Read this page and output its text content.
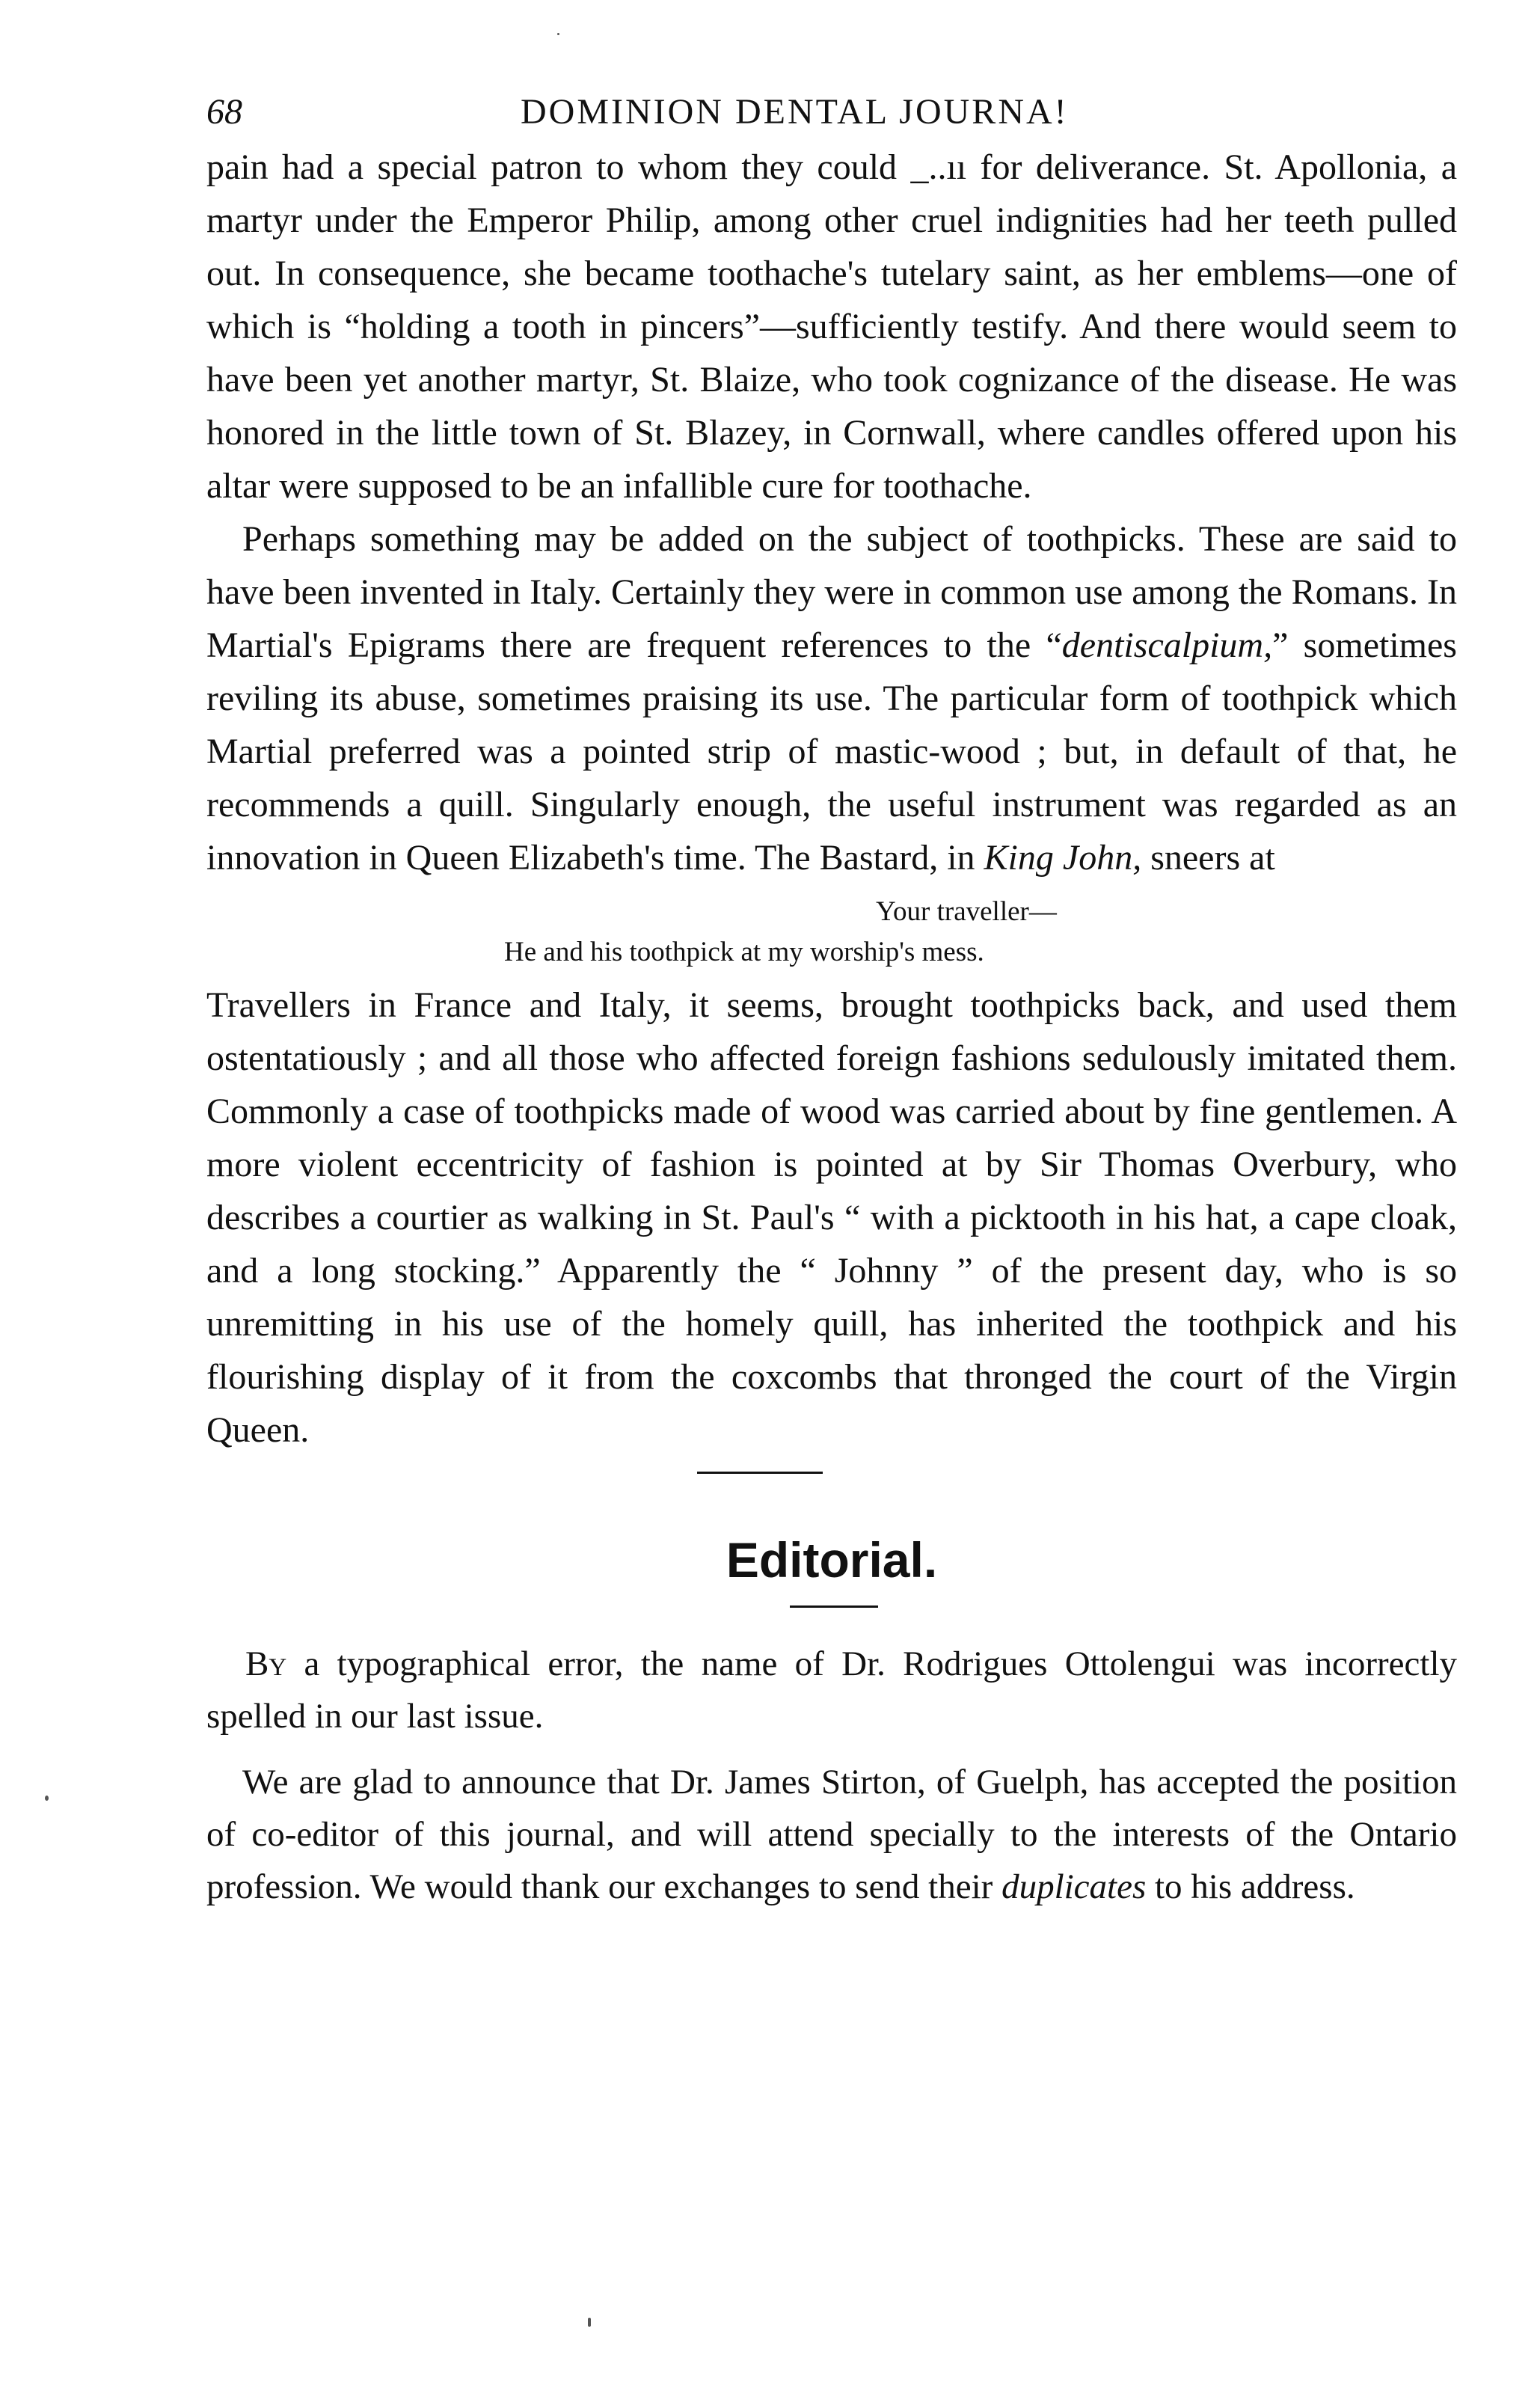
68	DOMINION DENTAL JOURNA!

pain had a special patron to whom they could _..ıı for deliverance. St. Apollonia, a martyr under the Emperor Philip, among other cruel indignities had her teeth pulled out. In consequence, she became toothache's tutelary saint, as her emblems—one of which is “holding a tooth in pincers”—sufficiently testify. And there would seem to have been yet another martyr, St. Blaize, who took cognizance of the disease. He was honored in the little town of St. Blazey, in Cornwall, where candles offered upon his altar were supposed to be an infallible cure for toothache.

Perhaps something may be added on the subject of toothpicks. These are said to have been invented in Italy. Certainly they were in common use among the Romans. In Martial's Epigrams there are frequent references to the “dentiscalpium,” sometimes reviling its abuse, sometimes praising its use. The particular form of toothpick which Martial preferred was a pointed strip of mastic-wood ; but, in default of that, he recommends a quill. Singularly enough, the useful instrument was regarded as an innovation in Queen Elizabeth's time. The Bastard, in King John, sneers at

Your traveller—
He and his toothpick at my worship's mess.

Travellers in France and Italy, it seems, brought toothpicks back, and used them ostentatiously ; and all those who affected foreign fashions sedulously imitated them. Commonly a case of toothpicks made of wood was carried about by fine gentlemen. A more violent eccentricity of fashion is pointed at by Sir Thomas Overbury, who describes a courtier as walking in St. Paul's “ with a picktooth in his hat, a cape cloak, and a long stocking.” Apparently the “ Johnny ” of the present day, who is so unremitting in his use of the homely quill, has inherited the toothpick and his flourishing display of it from the coxcombs that thronged the court of the Virgin Queen.

Editorial.

By a typographical error, the name of Dr. Rodrigues Ottolengui was incorrectly spelled in our last issue.

We are glad to announce that Dr. James Stirton, of Guelph, has accepted the position of co-editor of this journal, and will attend specially to the interests of the Ontario profession. We would thank our exchanges to send their duplicates to his address.
